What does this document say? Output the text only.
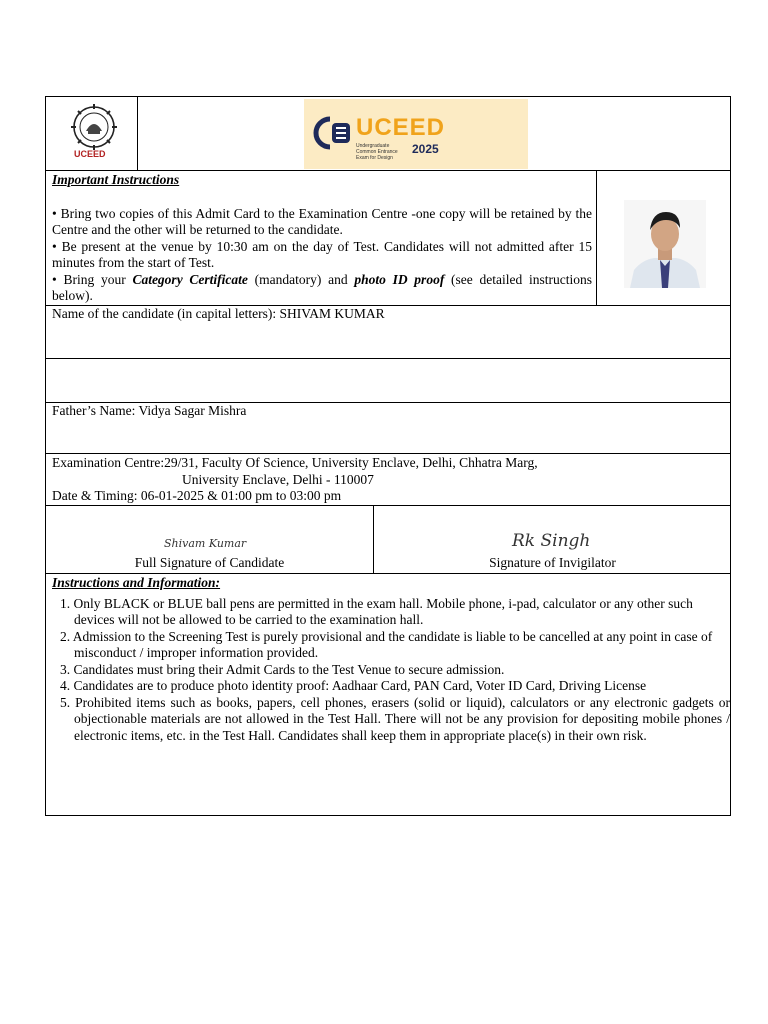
UCEED
UCEED
Undergraduate Common Entrance Exam for Design
2025
Important Instructions
• Bring two copies of this Admit Card to the Examination Centre -one copy will be retained by the Centre and the other will be returned to the candidate.
• Be present at the venue by 10:30 am on the day of Test. Candidates will not admitted after 15 minutes from the start of Test.
• Bring your Category Certificate (mandatory) and photo ID proof (see detailed instructions below).
Name of the candidate (in capital letters): SHIVAM KUMAR
Father’s Name: Vidya Sagar Mishra
Examination Centre:29/31, Faculty Of Science, University Enclave, Delhi, Chhatra Marg,
University Enclave, Delhi - 110007
Date & Timing: 06-01-2025 & 01:00 pm to 03:00 pm
Shivam Kumar
Full Signature of Candidate
Rk Singh
Signature of Invigilator
Instructions and Information:
1. Only BLACK or BLUE ball pens are permitted in the exam hall. Mobile phone, i-pad, calculator or any other such devices will not be allowed to be carried to the examination hall.
2. Admission to the Screening Test is purely provisional and the candidate is liable to be cancelled at any point in case of misconduct / improper information provided.
3. Candidates must bring their Admit Cards to the Test Venue to secure admission.
4. Candidates are to produce photo identity proof: Aadhaar Card, PAN Card, Voter ID Card, Driving License
5. Prohibited items such as books, papers, cell phones, erasers (solid or liquid), calculators or any electronic gadgets or objectionable materials are not allowed in the Test Hall. There will not be any provision for depositing mobile phones / electronic items, etc. in the Test Hall. Candidates shall keep them in appropriate place(s) in their own risk.
